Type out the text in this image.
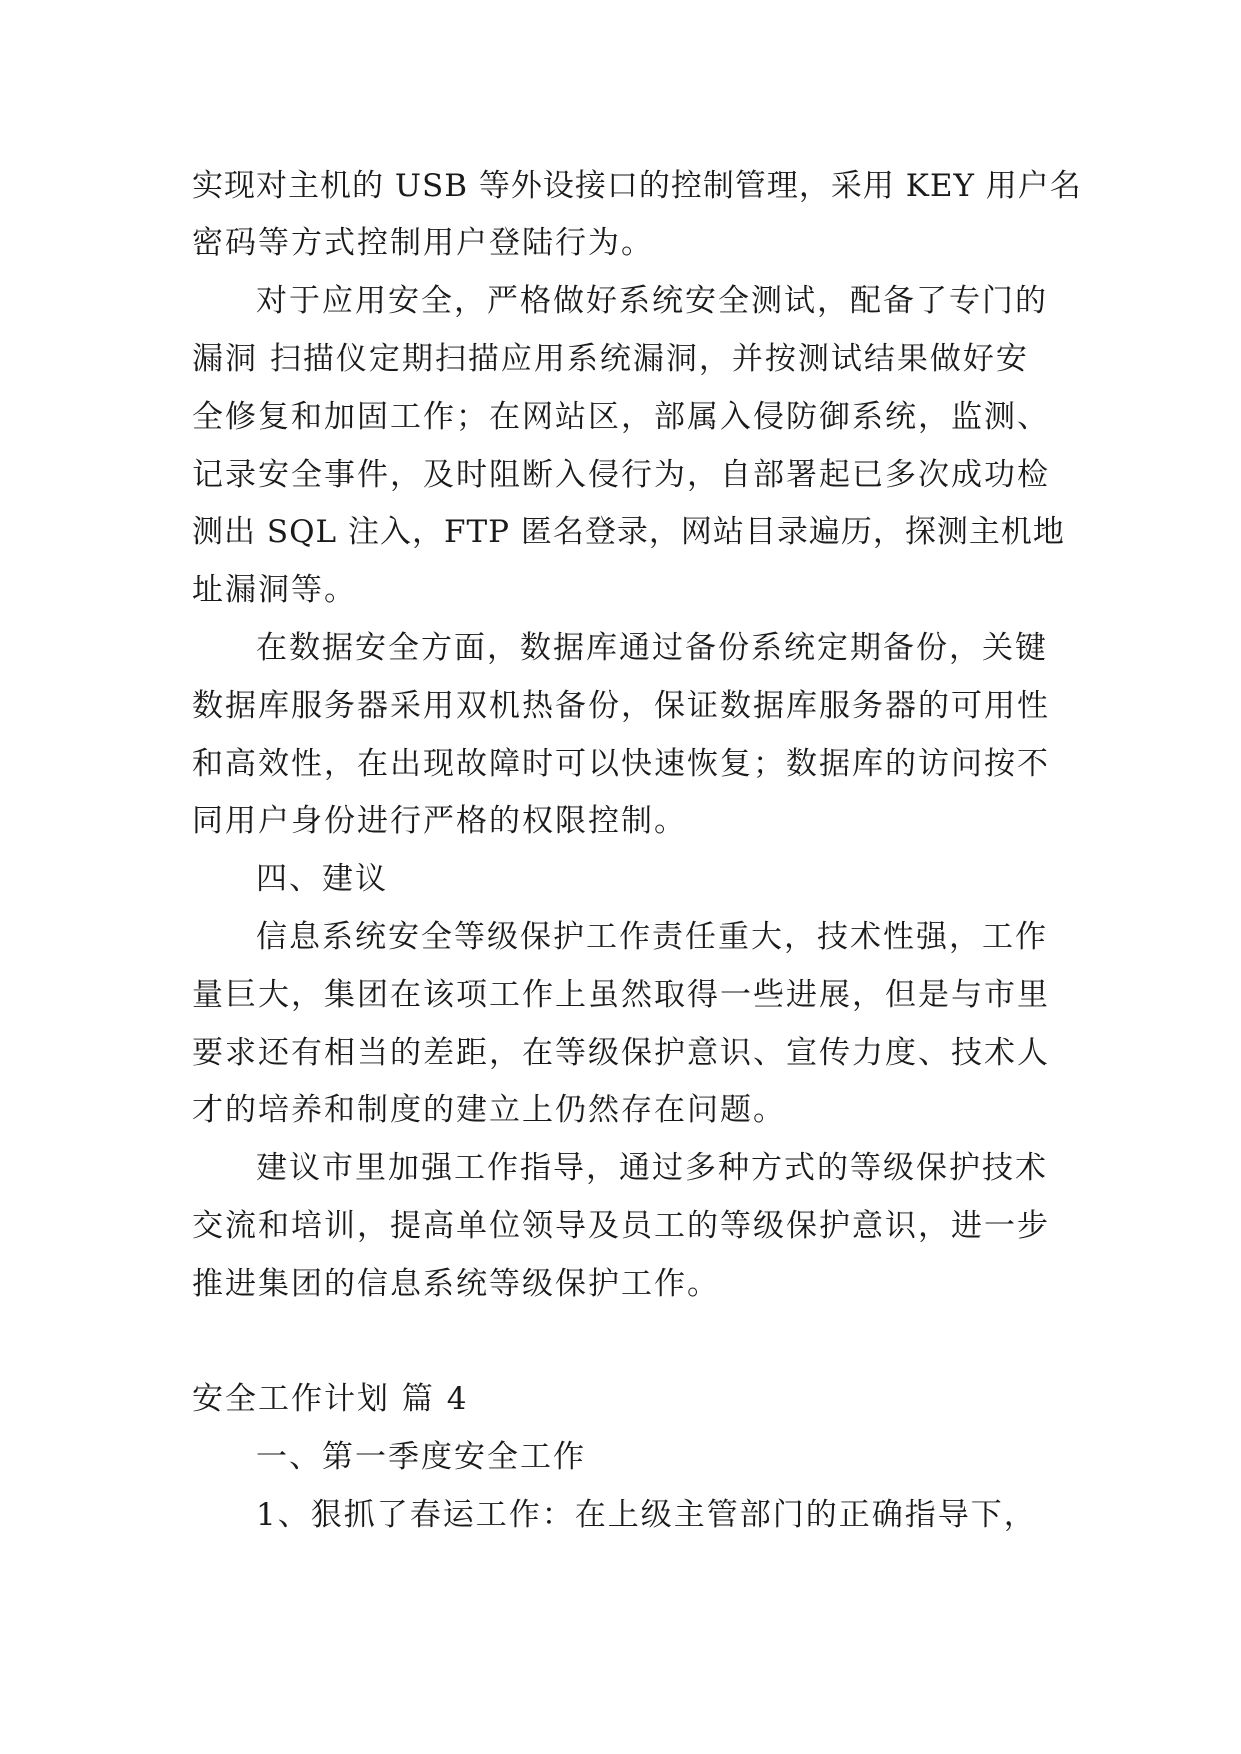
实现对主机的 USB 等外设接口的控制管理，采用 KEY 用户名
密码等方式控制用户登陆行为。
对于应用安全，严格做好系统安全测试，配备了专门的
漏洞 扫描仪定期扫描应用系统漏洞，并按测试结果做好安
全修复和加固工作；在网站区，部属入侵防御系统，监测、
记录安全事件，及时阻断入侵行为，自部署起已多次成功检
测出 SQL 注入，FTP 匿名登录，网站目录遍历，探测主机地
址漏洞等。
在数据安全方面，数据库通过备份系统定期备份，关键
数据库服务器采用双机热备份，保证数据库服务器的可用性
和高效性，在出现故障时可以快速恢复；数据库的访问按不
同用户身份进行严格的权限控制。
四、建议
信息系统安全等级保护工作责任重大，技术性强，工作
量巨大，集团在该项工作上虽然取得一些进展，但是与市里
要求还有相当的差距，在等级保护意识、宣传力度、技术人
才的培养和制度的建立上仍然存在问题。
建议市里加强工作指导，通过多种方式的等级保护技术
交流和培训，提高单位领导及员工的等级保护意识，进一步
推进集团的信息系统等级保护工作。
安全工作计划 篇 4
一、第一季度安全工作
1、狠抓了春运工作：在上级主管部门的正确指导下，
